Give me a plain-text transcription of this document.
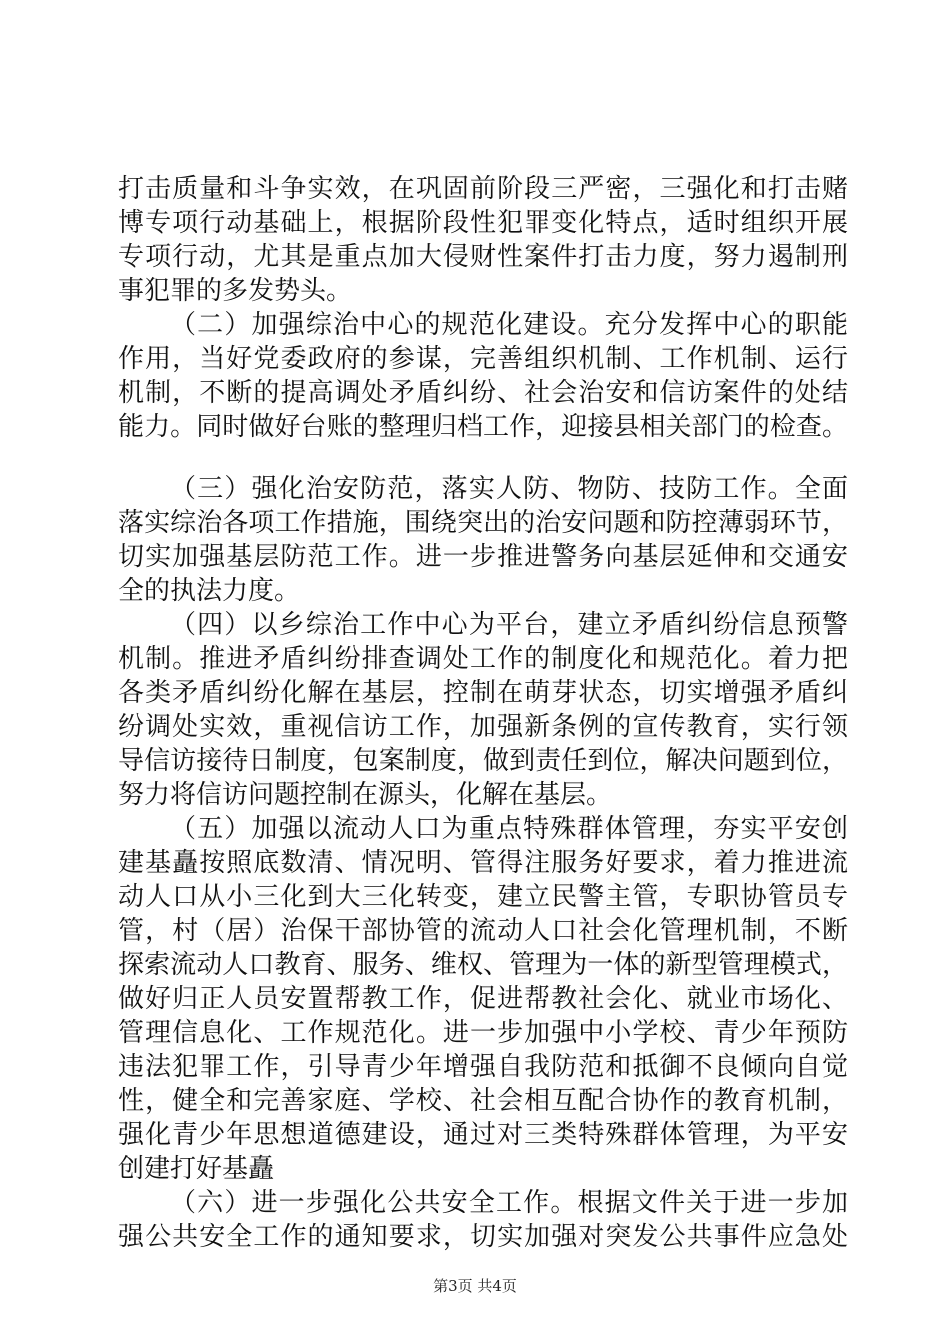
打击质量和斗争实效，在巩固前阶段三严密，三强化和打击赌
博专项行动基础上，根据阶段性犯罪变化特点，适时组织开展
专项行动，尤其是重点加大侵财性案件打击力度，努力遏制刑
事犯罪的多发势头。
（二）加强综治中心的规范化建设。充分发挥中心的职能
作用，当好党委政府的参谋，完善组织机制、工作机制、运行
机制，不断的提高调处矛盾纠纷、社会治安和信访案件的处结
能力。同时做好台账的整理归档工作，迎接县相关部门的检查。
（三）强化治安防范，落实人防、物防、技防工作。全面
落实综治各项工作措施，围绕突出的治安问题和防控薄弱环节，
切实加强基层防范工作。进一步推进警务向基层延伸和交通安
全的执法力度。
（四）以乡综治工作中心为平台，建立矛盾纠纷信息预警
机制。推进矛盾纠纷排查调处工作的制度化和规范化。着力把
各类矛盾纠纷化解在基层，控制在萌芽状态，切实增强矛盾纠
纷调处实效，重视信访工作，加强新条例的宣传教育，实行领
导信访接待日制度，包案制度，做到责任到位，解决问题到位，
努力将信访问题控制在源头，化解在基层。
（五）加强以流动人口为重点特殊群体管理，夯实平安创
建基矗按照底数清、情况明、管得注服务好要求，着力推进流
动人口从小三化到大三化转变，建立民警主管，专职协管员专
管，村（居）治保干部协管的流动人口社会化管理机制，不断
探索流动人口教育、服务、维权、管理为一体的新型管理模式，
做好归正人员安置帮教工作，促进帮教社会化、就业市场化、
管理信息化、工作规范化。进一步加强中小学校、青少年预防
违法犯罪工作，引导青少年增强自我防范和抵御不良倾向自觉
性，健全和完善家庭、学校、社会相互配合协作的教育机制，
强化青少年思想道德建设，通过对三类特殊群体管理，为平安
创建打好基矗
（六）进一步强化公共安全工作。根据文件关于进一步加
强公共安全工作的通知要求，切实加强对突发公共事件应急处
第3页 共4页
